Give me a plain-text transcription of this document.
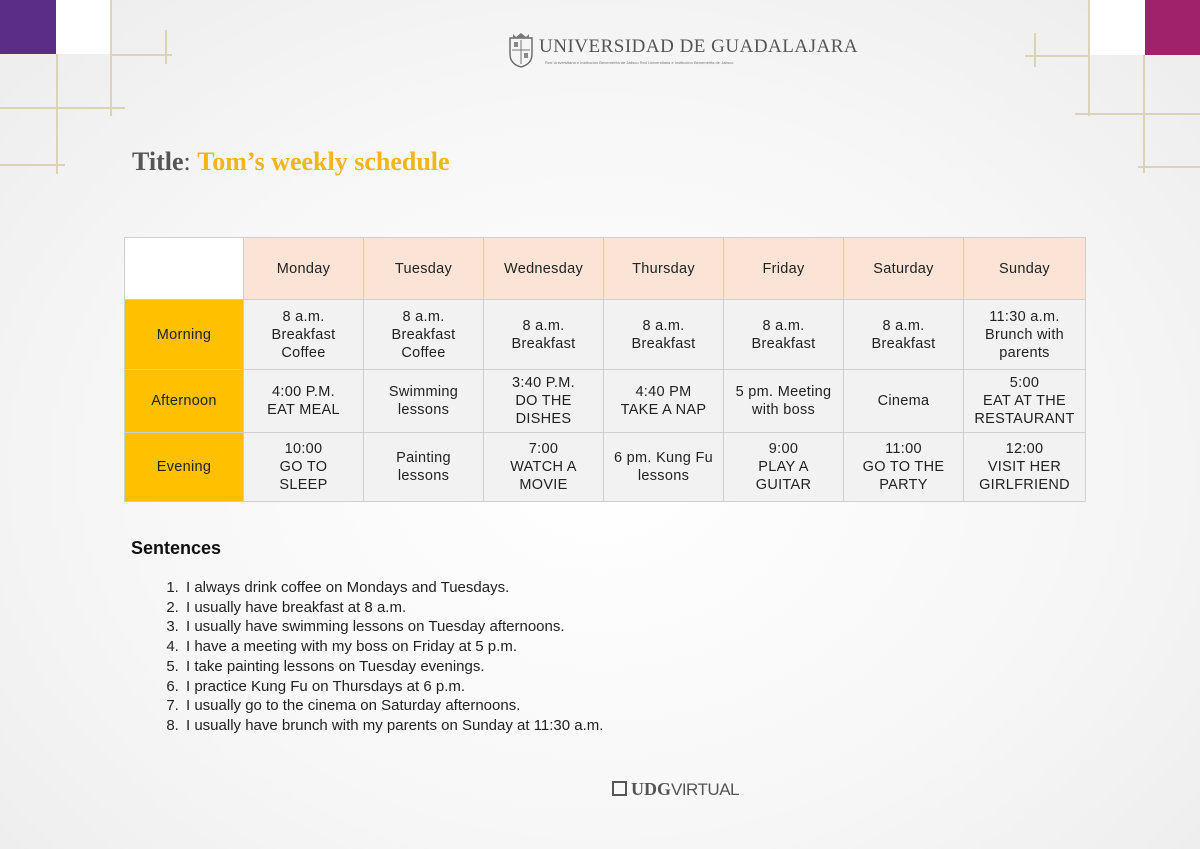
UNIVERSIDAD DE GUADALAJARA
Red Universitaria e Institución Benemérita de Jalisco Red Universitaria e Institución Benemérita de Jalisco
Title: Tom’s weekly schedule
	Monday	Tuesday	Wednesday	Thursday	Friday	Saturday	Sunday
Morning	8 a.m.
Breakfast
Coffee	8 a.m.
Breakfast
Coffee	8 a.m.
Breakfast	8 a.m.
Breakfast	8 a.m.
Breakfast	8 a.m.
Breakfast	11:30 a.m.
Brunch with
parents
Afternoon	4:00 P.M.
EAT MEAL	Swimming
lessons	3:40 P.M.
DO THE
DISHES	4:40 PM
TAKE A NAP	5 pm. Meeting
with boss	Cinema	5:00
EAT AT THE
RESTAURANT
Evening	10:00
GO TO
SLEEP	Painting
lessons	7:00
WATCH A
MOVIE	6 pm. Kung Fu
lessons	9:00
PLAY A
GUITAR	11:00
GO TO THE
PARTY	12:00
VISIT HER
GIRLFRIEND
Sentences
1. I always drink coffee on Mondays and Tuesdays.
2. I usually have breakfast at 8 a.m.
3. I usually have swimming lessons on Tuesday afternoons.
4. I have a meeting with my boss on Friday at 5 p.m.
5. I take painting lessons on Tuesday evenings.
6. I practice Kung Fu on Thursdays at 6 p.m.
7. I usually go to the cinema on Saturday afternoons.
8. I usually have brunch with my parents on Sunday at 11:30 a.m.
UDGVIRTUAL
